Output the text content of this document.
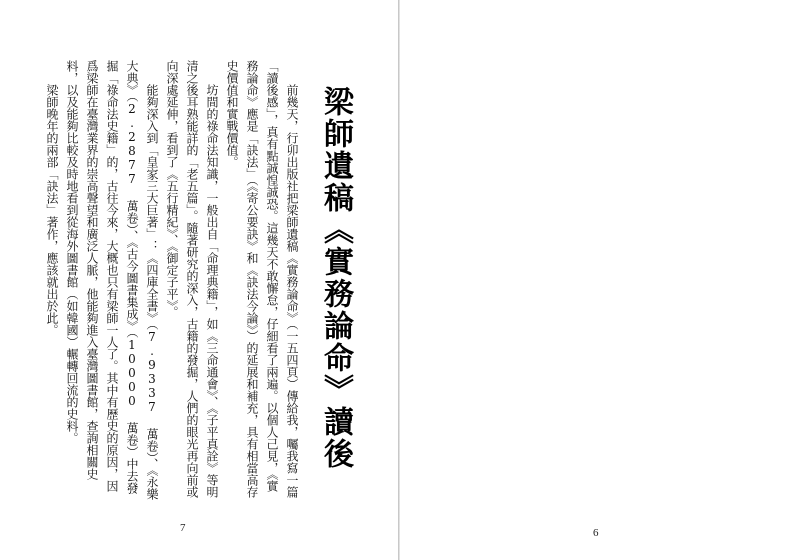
梁師遺稿《實務論命》讀後

前幾天，行卯出版社把梁師遺稿《實務論命》（一五四頁）傳給我，囑我寫一篇「讀後感」，真有點誠惶誠恐。這幾天不敢懈怠，仔細看了兩遍。以個人己見，《實務論命》應是「訣法」（《寄公要訣》和《訣法今論》）的延展和補充，具有相當高存史價值和實戰價值。

坊間的祿命法知識，一般出自「命理典籍」，如《三命通會》、《子平真詮》等明清之後耳熟能詳的「老五篇」。隨著研究的深入，古籍的發掘，人們的眼光再向前或向深處延伸，看到了《五行精紀》、《御定子平》。

能夠深入到「皇家三大巨著」：《四庫全書》（7.9337 萬卷）、《永樂大典》（2.2877 萬卷）、《古今圖書集成》（10000 萬卷）中去發掘「祿命法史籍」的，古往今來，大概也只有梁師一人了。其中有歷史的原因，因爲梁師在臺灣業界的崇高聲望和廣泛人脈，他能夠進入臺灣圖書館，查詢相關史料，以及能夠比較及時地看到從海外圖書館（如韓國）輾轉回流的史料。

梁師晚年的兩部「訣法」著作，應該就出於此。

7	6
